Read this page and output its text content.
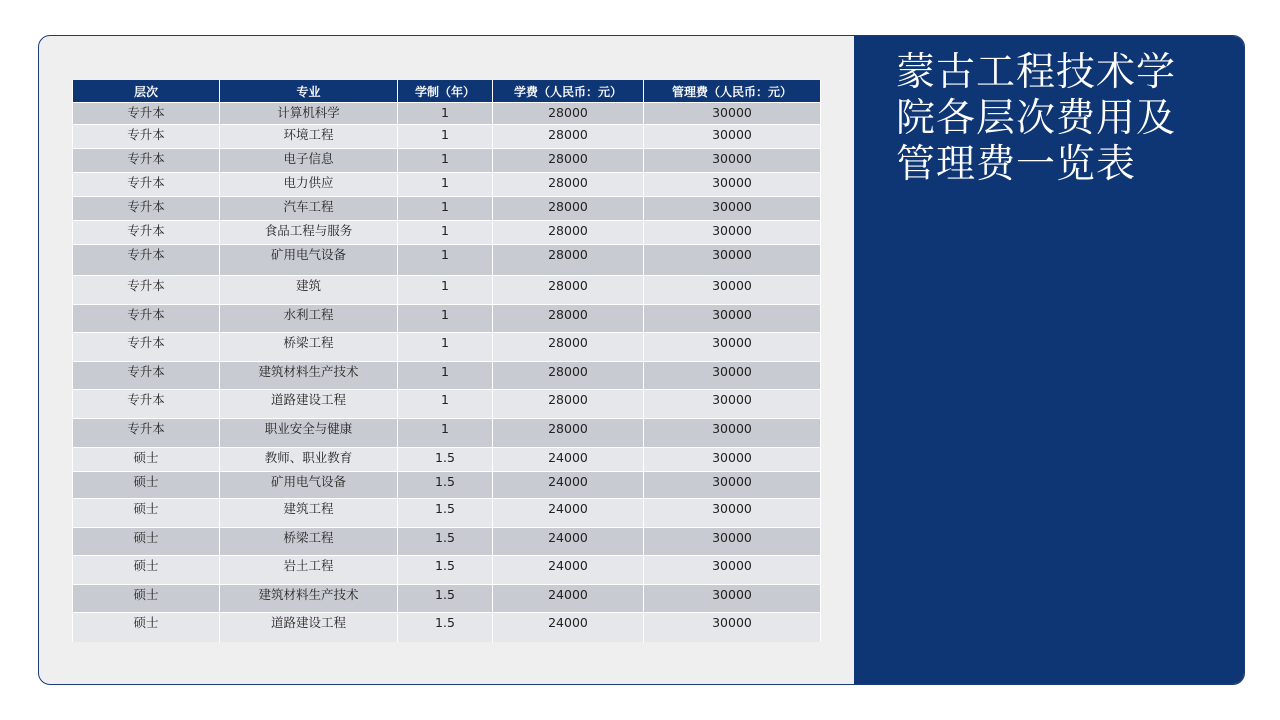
层次	专业	学制（年）	学费（人民币：元）	管理费（人民币：元）
专升本	计算机科学	1	28000	30000
专升本	环境工程	1	28000	30000
专升本	电子信息	1	28000	30000
专升本	电力供应	1	28000	30000
专升本	汽车工程	1	28000	30000
专升本	食品工程与服务	1	28000	30000
专升本	矿用电气设备	1	28000	30000
专升本	建筑	1	28000	30000
专升本	水利工程	1	28000	30000
专升本	桥梁工程	1	28000	30000
专升本	建筑材料生产技术	1	28000	30000
专升本	道路建设工程	1	28000	30000
专升本	职业安全与健康	1	28000	30000
硕士	教师、职业教育	1.5	24000	30000
硕士	矿用电气设备	1.5	24000	30000
硕士	建筑工程	1.5	24000	30000
硕士	桥梁工程	1.5	24000	30000
硕士	岩土工程	1.5	24000	30000
硕士	建筑材料生产技术	1.5	24000	30000
硕士	道路建设工程	1.5	24000	30000
蒙古工程技术学院各层次费用及管理费一览表
